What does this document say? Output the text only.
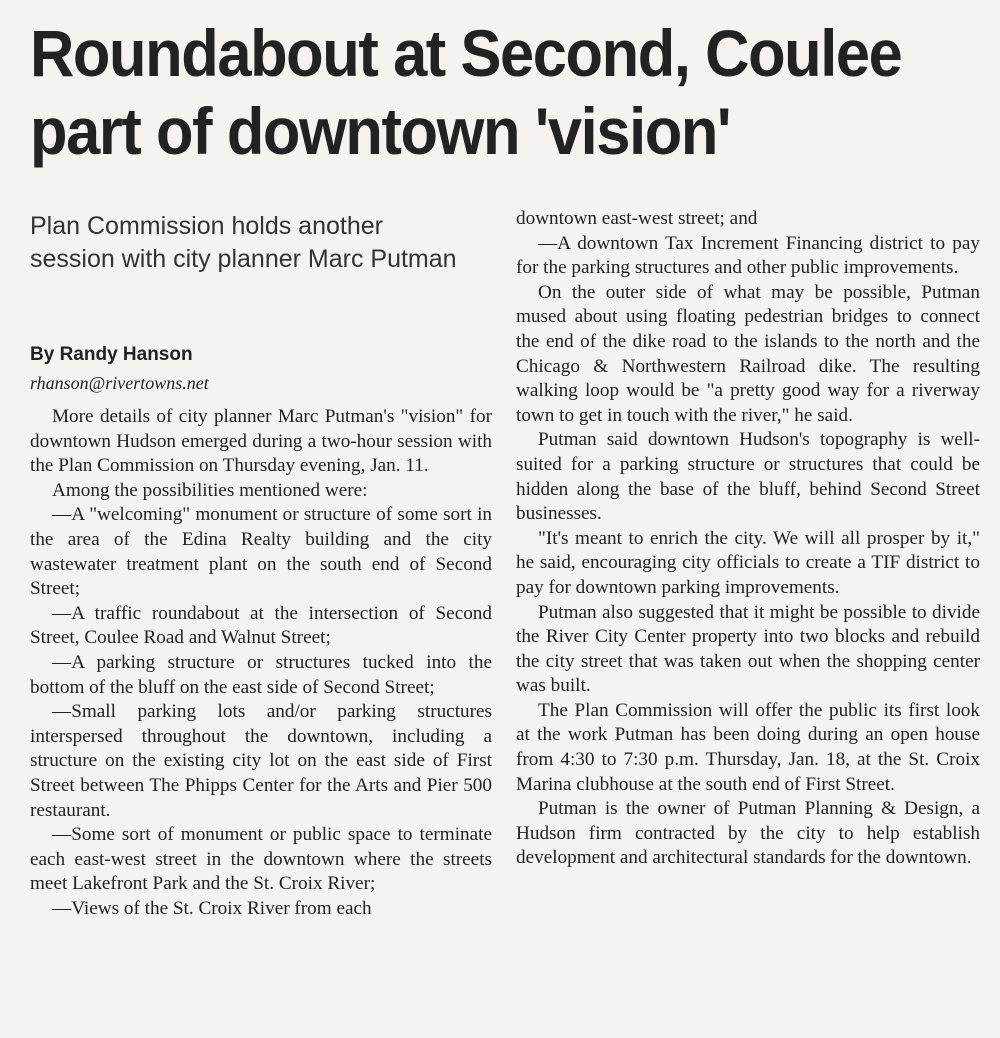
Roundabout at Second, Coulee
part of downtown 'vision'
Plan Commission holds another session with city planner Marc Putman
By Randy Hanson
rhanson@rivertowns.net

More details of city planner Marc Putman's "vision" for downtown Hudson emerged during a two-hour session with the Plan Commission on Thursday evening, Jan. 11.

Among the possibilities mentioned were:

—A "welcoming" monument or structure of some sort in the area of the Edina Realty building and the city wastewater treatment plant on the south end of Second Street;

—A traffic roundabout at the intersection of Second Street, Coulee Road and Walnut Street;

—A parking structure or structures tucked into the bottom of the bluff on the east side of Second Street;

—Small parking lots and/or parking structures interspersed throughout the downtown, including a structure on the existing city lot on the east side of First Street between The Phipps Center for the Arts and Pier 500 restaurant.

—Some sort of monument or public space to terminate each east-west street in the downtown where the streets meet Lakefront Park and the St. Croix River;

—Views of the St. Croix River from each

downtown east-west street; and

—A downtown Tax Increment Financing district to pay for the parking structures and other public improvements.

On the outer side of what may be possible, Putman mused about using floating pedestrian bridges to connect the end of the dike road to the islands to the north and the Chicago & Northwestern Railroad dike. The resulting walking loop would be "a pretty good way for a riverway town to get in touch with the river," he said.

Putman said downtown Hudson's topography is well-suited for a parking structure or structures that could be hidden along the base of the bluff, behind Second Street businesses.

"It's meant to enrich the city. We will all prosper by it," he said, encouraging city officials to create a TIF district to pay for downtown parking improvements.

Putman also suggested that it might be possible to divide the River City Center property into two blocks and rebuild the city street that was taken out when the shopping center was built.

The Plan Commission will offer the public its first look at the work Putman has been doing during an open house from 4:30 to 7:30 p.m. Thursday, Jan. 18, at the St. Croix Marina clubhouse at the south end of First Street.

Putman is the owner of Putman Planning & Design, a Hudson firm contracted by the city to help establish development and architectural standards for the downtown.
